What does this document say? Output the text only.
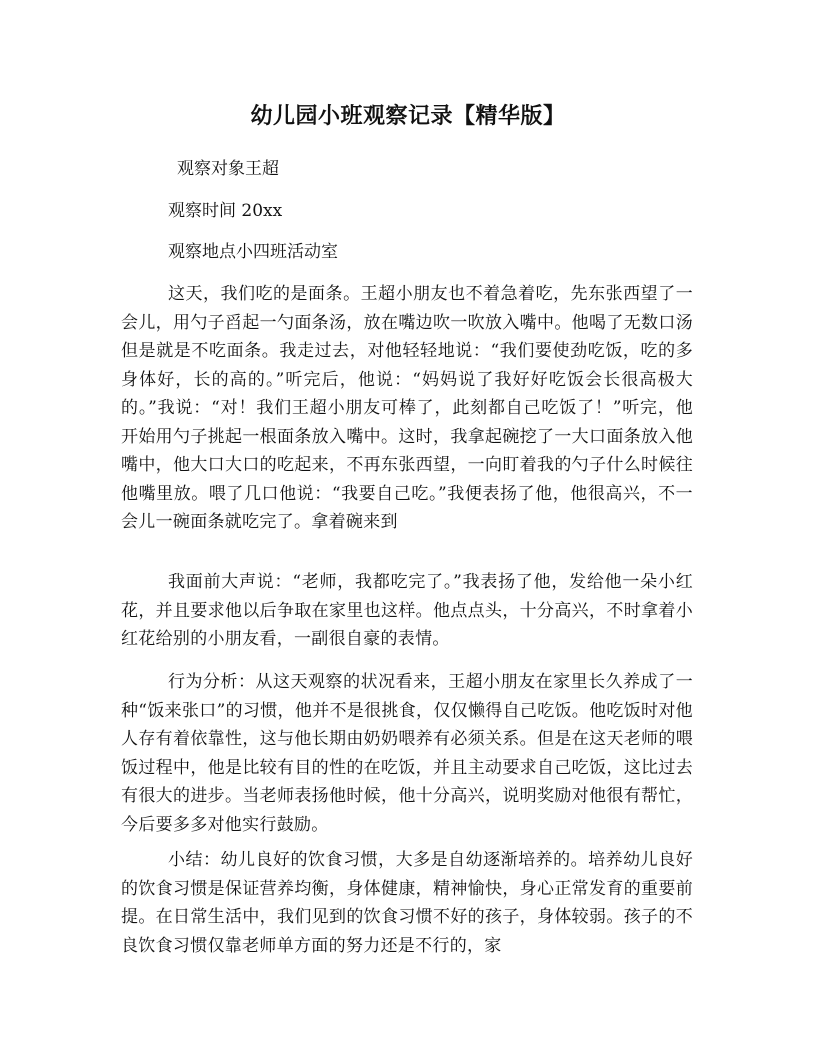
幼儿园小班观察记录【精华版】
观察对象王超
观察时间 20xx
观察地点小四班活动室

这天，我们吃的是面条。王超小朋友也不着急着吃，先东张西望了一会儿，用勺子舀起一勺面条汤，放在嘴边吹一吹放入嘴中。他喝了无数口汤但是就是不吃面条。我走过去，对他轻轻地说：“我们要使劲吃饭，吃的多身体好，长的高的。”听完后，他说：“妈妈说了我好好吃饭会长很高极大的。”我说：“对！我们王超小朋友可棒了，此刻都自己吃饭了！”听完，他开始用勺子挑起一根面条放入嘴中。这时，我拿起碗挖了一大口面条放入他嘴中，他大口大口的吃起来，不再东张西望，一向盯着我的勺子什么时候往他嘴里放。喂了几口他说：“我要自己吃。”我便表扬了他，他很高兴，不一会儿一碗面条就吃完了。拿着碗来到

我面前大声说：“老师，我都吃完了。”我表扬了他，发给他一朵小红花，并且要求他以后争取在家里也这样。他点点头，十分高兴，不时拿着小红花给别的小朋友看，一副很自豪的表情。

行为分析：从这天观察的状况看来，王超小朋友在家里长久养成了一种“饭来张口”的习惯，他并不是很挑食，仅仅懒得自己吃饭。他吃饭时对他人存有着依靠性，这与他长期由奶奶喂养有必须关系。但是在这天老师的喂饭过程中，他是比较有目的性的在吃饭，并且主动要求自己吃饭，这比过去有很大的进步。当老师表扬他时候，他十分高兴，说明奖励对他很有帮忙，今后要多多对他实行鼓励。

小结：幼儿良好的饮食习惯，大多是自幼逐渐培养的。培养幼儿良好的饮食习惯是保证营养均衡，身体健康，精神愉快，身心正常发育的重要前提。在日常生活中，我们见到的饮食习惯不好的孩子，身体较弱。孩子的不良饮食习惯仅靠老师单方面的努力还是不行的，家
